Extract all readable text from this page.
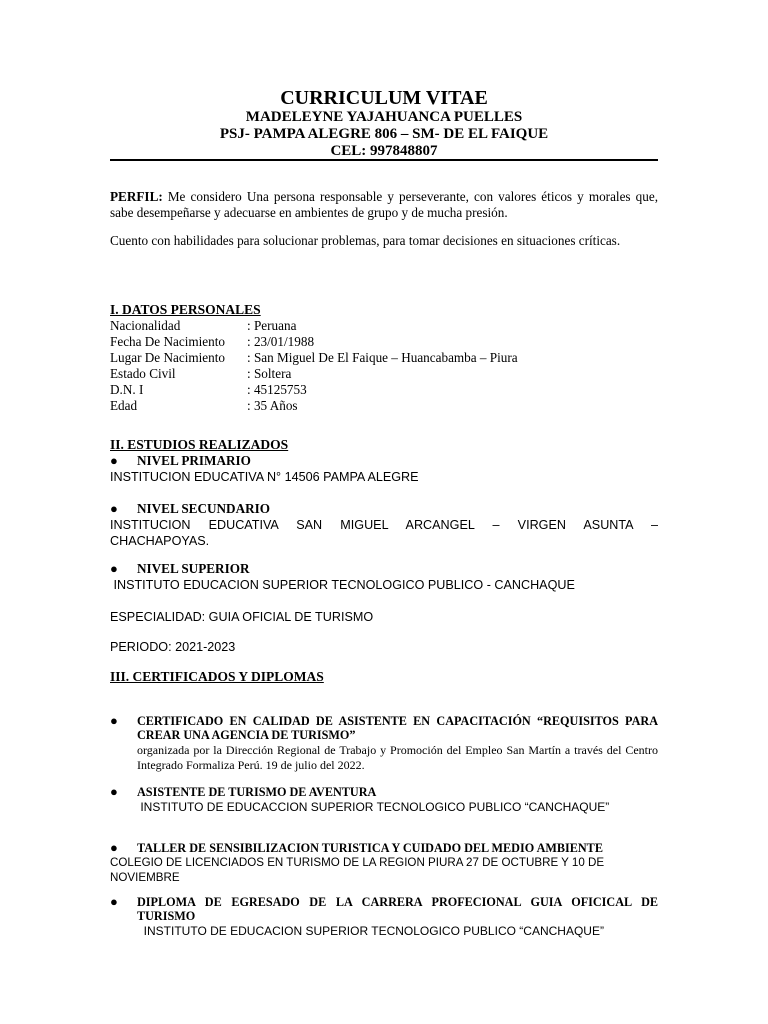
CURRICULUM VITAE
MADELEYNE YAJAHUANCA PUELLES
PSJ- PAMPA ALEGRE 806 – SM- DE EL FAIQUE
CEL: 997848807
PERFIL: Me considero Una persona responsable y perseverante, con valores éticos y morales que, sabe desempeñarse y adecuarse en ambientes de grupo y de mucha presión.
Cuento con habilidades para solucionar problemas, para tomar decisiones en situaciones críticas.
I. DATOS PERSONALES
Nacionalidad	: Peruana
Fecha De Nacimiento : 23/01/1988
Lugar De Nacimiento : San Miguel De El Faique – Huancabamba – Piura
Estado Civil	: Soltera
D.N. I	: 45125753
Edad	: 35 Años
II. ESTUDIOS REALIZADOS
● NIVEL PRIMARIO
INSTITUCION EDUCATIVA N° 14506 PAMPA ALEGRE
● NIVEL SECUNDARIO
INSTITUCION EDUCATIVA SAN MIGUEL ARCANGEL – VIRGEN ASUNTA –
CHACHAPOYAS.
● NIVEL SUPERIOR
INSTITUTO EDUCACION SUPERIOR TECNOLOGICO PUBLICO - CANCHAQUE
ESPECIALIDAD: GUIA OFICIAL DE TURISMO
PERIODO: 2021-2023
III. CERTIFICADOS Y DIPLOMAS
● CERTIFICADO EN CALIDAD DE ASISTENTE EN CAPACITACIÓN “REQUISITOS PARA CREAR UNA AGENCIA DE TURISMO”
organizada por la Dirección Regional de Trabajo y Promoción del Empleo San Martín a través del Centro Integrado Formaliza Perú. 19 de julio del 2022.
● ASISTENTE DE TURISMO DE AVENTURA
INSTITUTO DE EDUCACCION SUPERIOR TECNOLOGICO PUBLICO “CANCHAQUE”
● TALLER DE SENSIBILIZACION TURISTICA Y CUIDADO DEL MEDIO AMBIENTE
COLEGIO DE LICENCIADOS EN TURISMO DE LA REGION PIURA 27 DE OCTUBRE Y 10 DE NOVIEMBRE
● DIPLOMA DE EGRESADO DE LA CARRERA PROFECIONAL GUIA OFICICAL DE TURISMO
INSTITUTO DE EDUCACION SUPERIOR TECNOLOGICO PUBLICO “CANCHAQUE”
